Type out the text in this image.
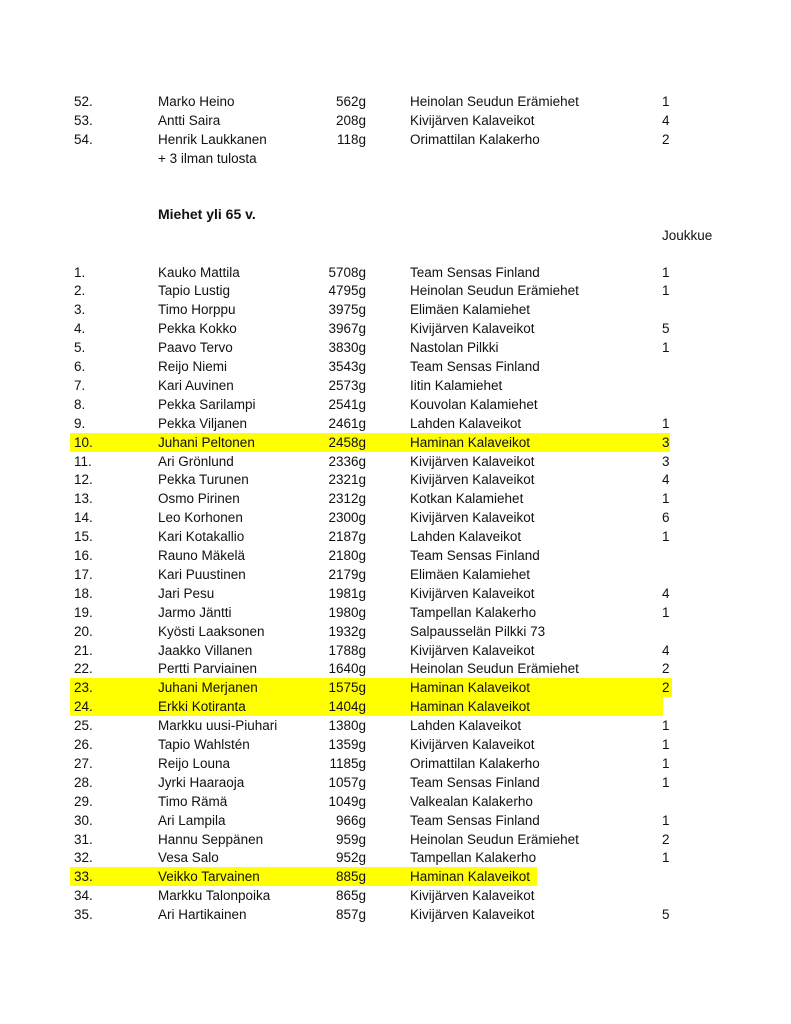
52.	Marko Heino	562g	Heinolan Seudun Erämiehet	1
53.	Antti Saira	208g	Kivijärven Kalaveikot	4
54.	Henrik Laukkanen	118g	Orimattilan Kalakerho	2
+ 3 ilman tulosta
Miehet yli 65 v.
Joukkue
1.	Kauko Mattila	5708g	Team Sensas Finland	1
2.	Tapio Lustig	4795g	Heinolan Seudun Erämiehet	1
3.	Timo Horppu	3975g	Elimäen Kalamiehet
4.	Pekka Kokko	3967g	Kivijärven Kalaveikot	5
5.	Paavo Tervo	3830g	Nastolan Pilkki	1
6.	Reijo Niemi	3543g	Team Sensas Finland
7.	Kari Auvinen	2573g	Iitin Kalamiehet
8.	Pekka Sarilampi	2541g	Kouvolan Kalamiehet
9.	Pekka Viljanen	2461g	Lahden Kalaveikot	1
10.	Juhani Peltonen	2458g	Haminan Kalaveikot	3
11.	Ari Grönlund	2336g	Kivijärven Kalaveikot	3
12.	Pekka Turunen	2321g	Kivijärven Kalaveikot	4
13.	Osmo Pirinen	2312g	Kotkan Kalamiehet	1
14.	Leo Korhonen	2300g	Kivijärven Kalaveikot	6
15.	Kari Kotakallio	2187g	Lahden Kalaveikot	1
16.	Rauno Mäkelä	2180g	Team Sensas Finland
17.	Kari Puustinen	2179g	Elimäen Kalamiehet
18.	Jari Pesu	1981g	Kivijärven Kalaveikot	4
19.	Jarmo Jäntti	1980g	Tampellan Kalakerho	1
20.	Kyösti Laaksonen	1932g	Salpausselän Pilkki 73
21.	Jaakko Villanen	1788g	Kivijärven Kalaveikot	4
22.	Pertti Parviainen	1640g	Heinolan Seudun Erämiehet	2
23.	Juhani Merjanen	1575g	Haminan Kalaveikot	2
24.	Erkki Kotiranta	1404g	Haminan Kalaveikot
25.	Markku uusi-Piuhari	1380g	Lahden Kalaveikot	1
26.	Tapio Wahlstén	1359g	Kivijärven Kalaveikot	1
27.	Reijo Louna	1185g	Orimattilan Kalakerho	1
28.	Jyrki Haaraoja	1057g	Team Sensas Finland	1
29.	Timo Rämä	1049g	Valkealan Kalakerho
30.	Ari Lampila	966g	Team Sensas Finland	1
31.	Hannu Seppänen	959g	Heinolan Seudun Erämiehet	2
32.	Vesa Salo	952g	Tampellan Kalakerho	1
33.	Veikko Tarvainen	885g	Haminan Kalaveikot
34.	Markku Talonpoika	865g	Kivijärven Kalaveikot
35.	Ari Hartikainen	857g	Kivijärven Kalaveikot	5
